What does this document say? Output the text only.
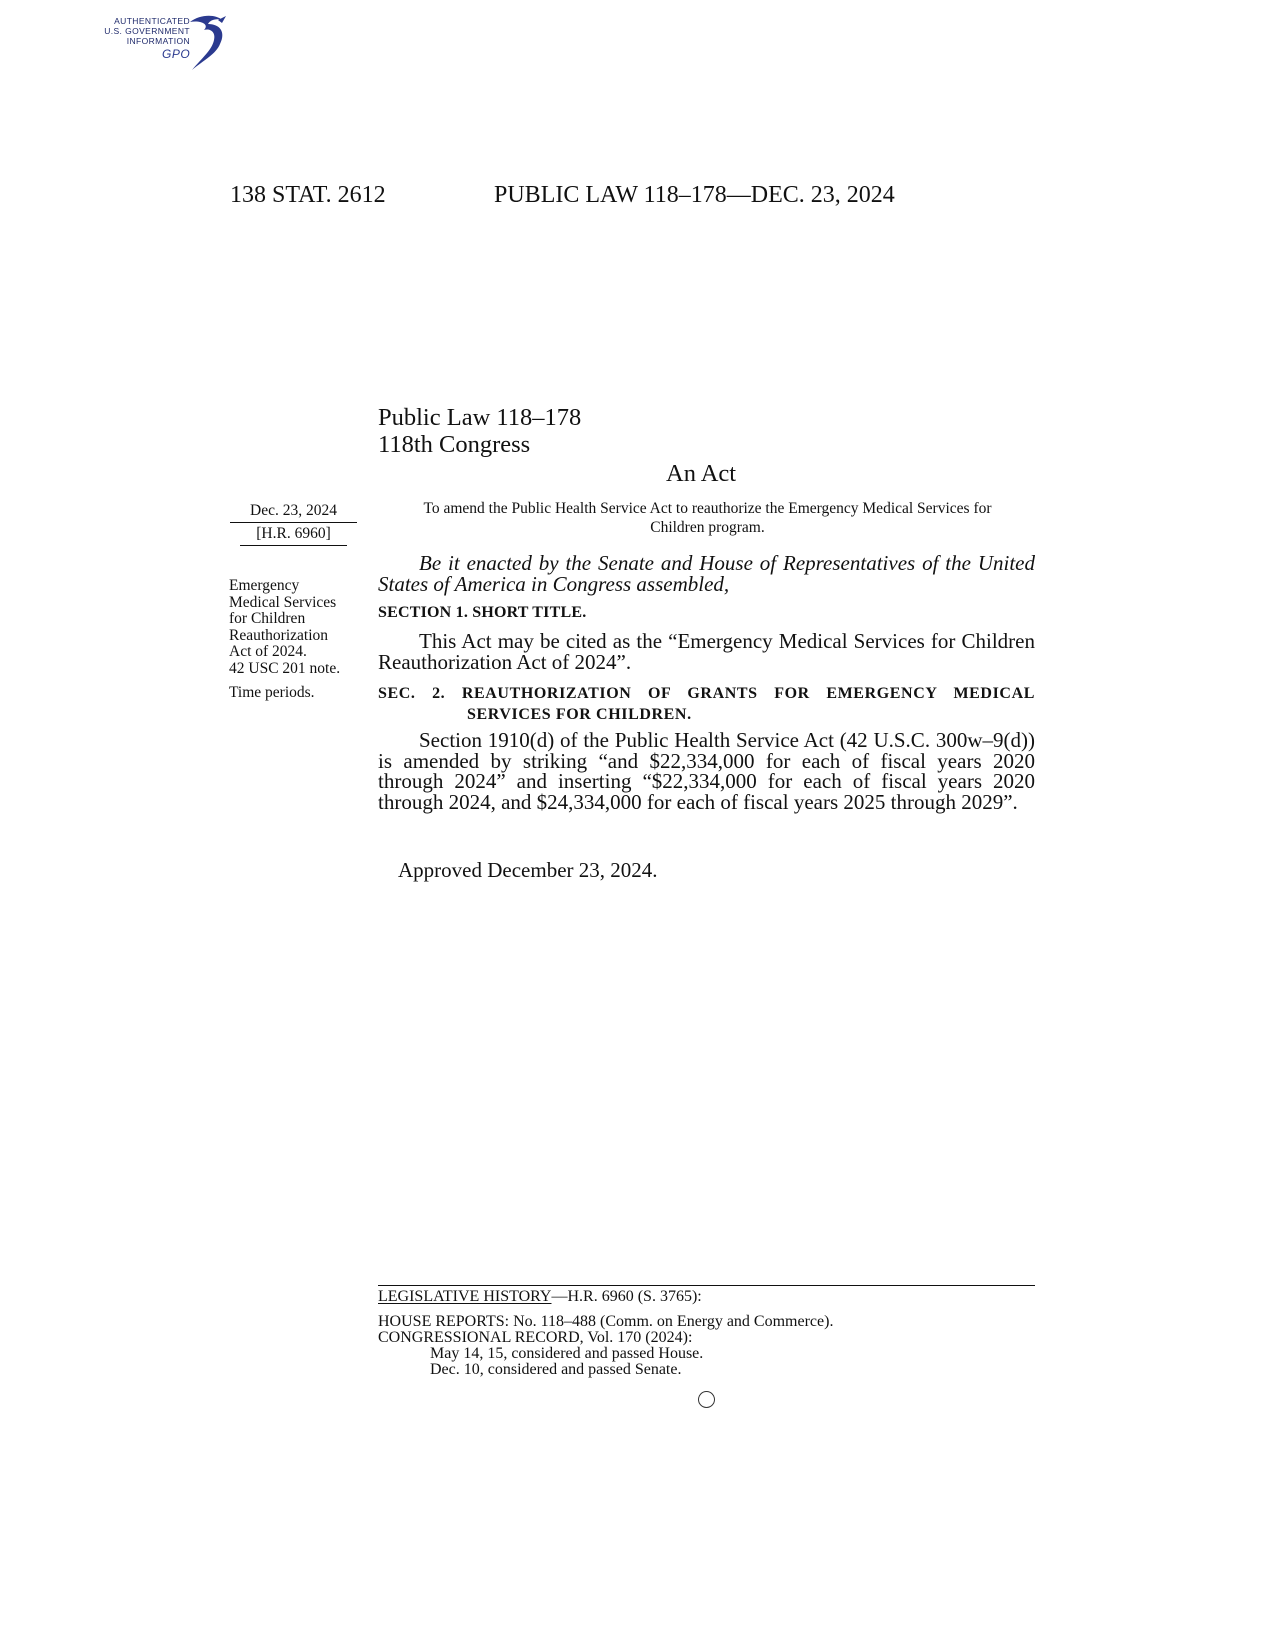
AUTHENTICATED
U.S. GOVERNMENT
INFORMATION
GPO
138 STAT. 2612	PUBLIC LAW 118–178—DEC. 23, 2024
Public Law 118–178
118th Congress
An Act
Dec. 23, 2024
[H.R. 6960]
To amend the Public Health Service Act to reauthorize the Emergency Medical Services for Children program.
Emergency
Medical Services
for Children
Reauthorization
Act of 2024.
42 USC 201 note.
Time periods.
Be it enacted by the Senate and House of Representatives of the United States of America in Congress assembled,
SECTION 1. SHORT TITLE.
This Act may be cited as the “Emergency Medical Services for Children Reauthorization Act of 2024”.
SEC. 2. REAUTHORIZATION OF GRANTS FOR EMERGENCY MEDICAL
SERVICES FOR CHILDREN.
Section 1910(d) of the Public Health Service Act (42 U.S.C. 300w–9(d)) is amended by striking “and $22,334,000 for each of fiscal years 2020 through 2024” and inserting “$22,334,000 for each of fiscal years 2020 through 2024, and $24,334,000 for each of fiscal years 2025 through 2029”.
Approved December 23, 2024.
LEGISLATIVE HISTORY—H.R. 6960 (S. 3765):
HOUSE REPORTS: No. 118–488 (Comm. on Energy and Commerce).
CONGRESSIONAL RECORD, Vol. 170 (2024):
May 14, 15, considered and passed House.
Dec. 10, considered and passed Senate.
